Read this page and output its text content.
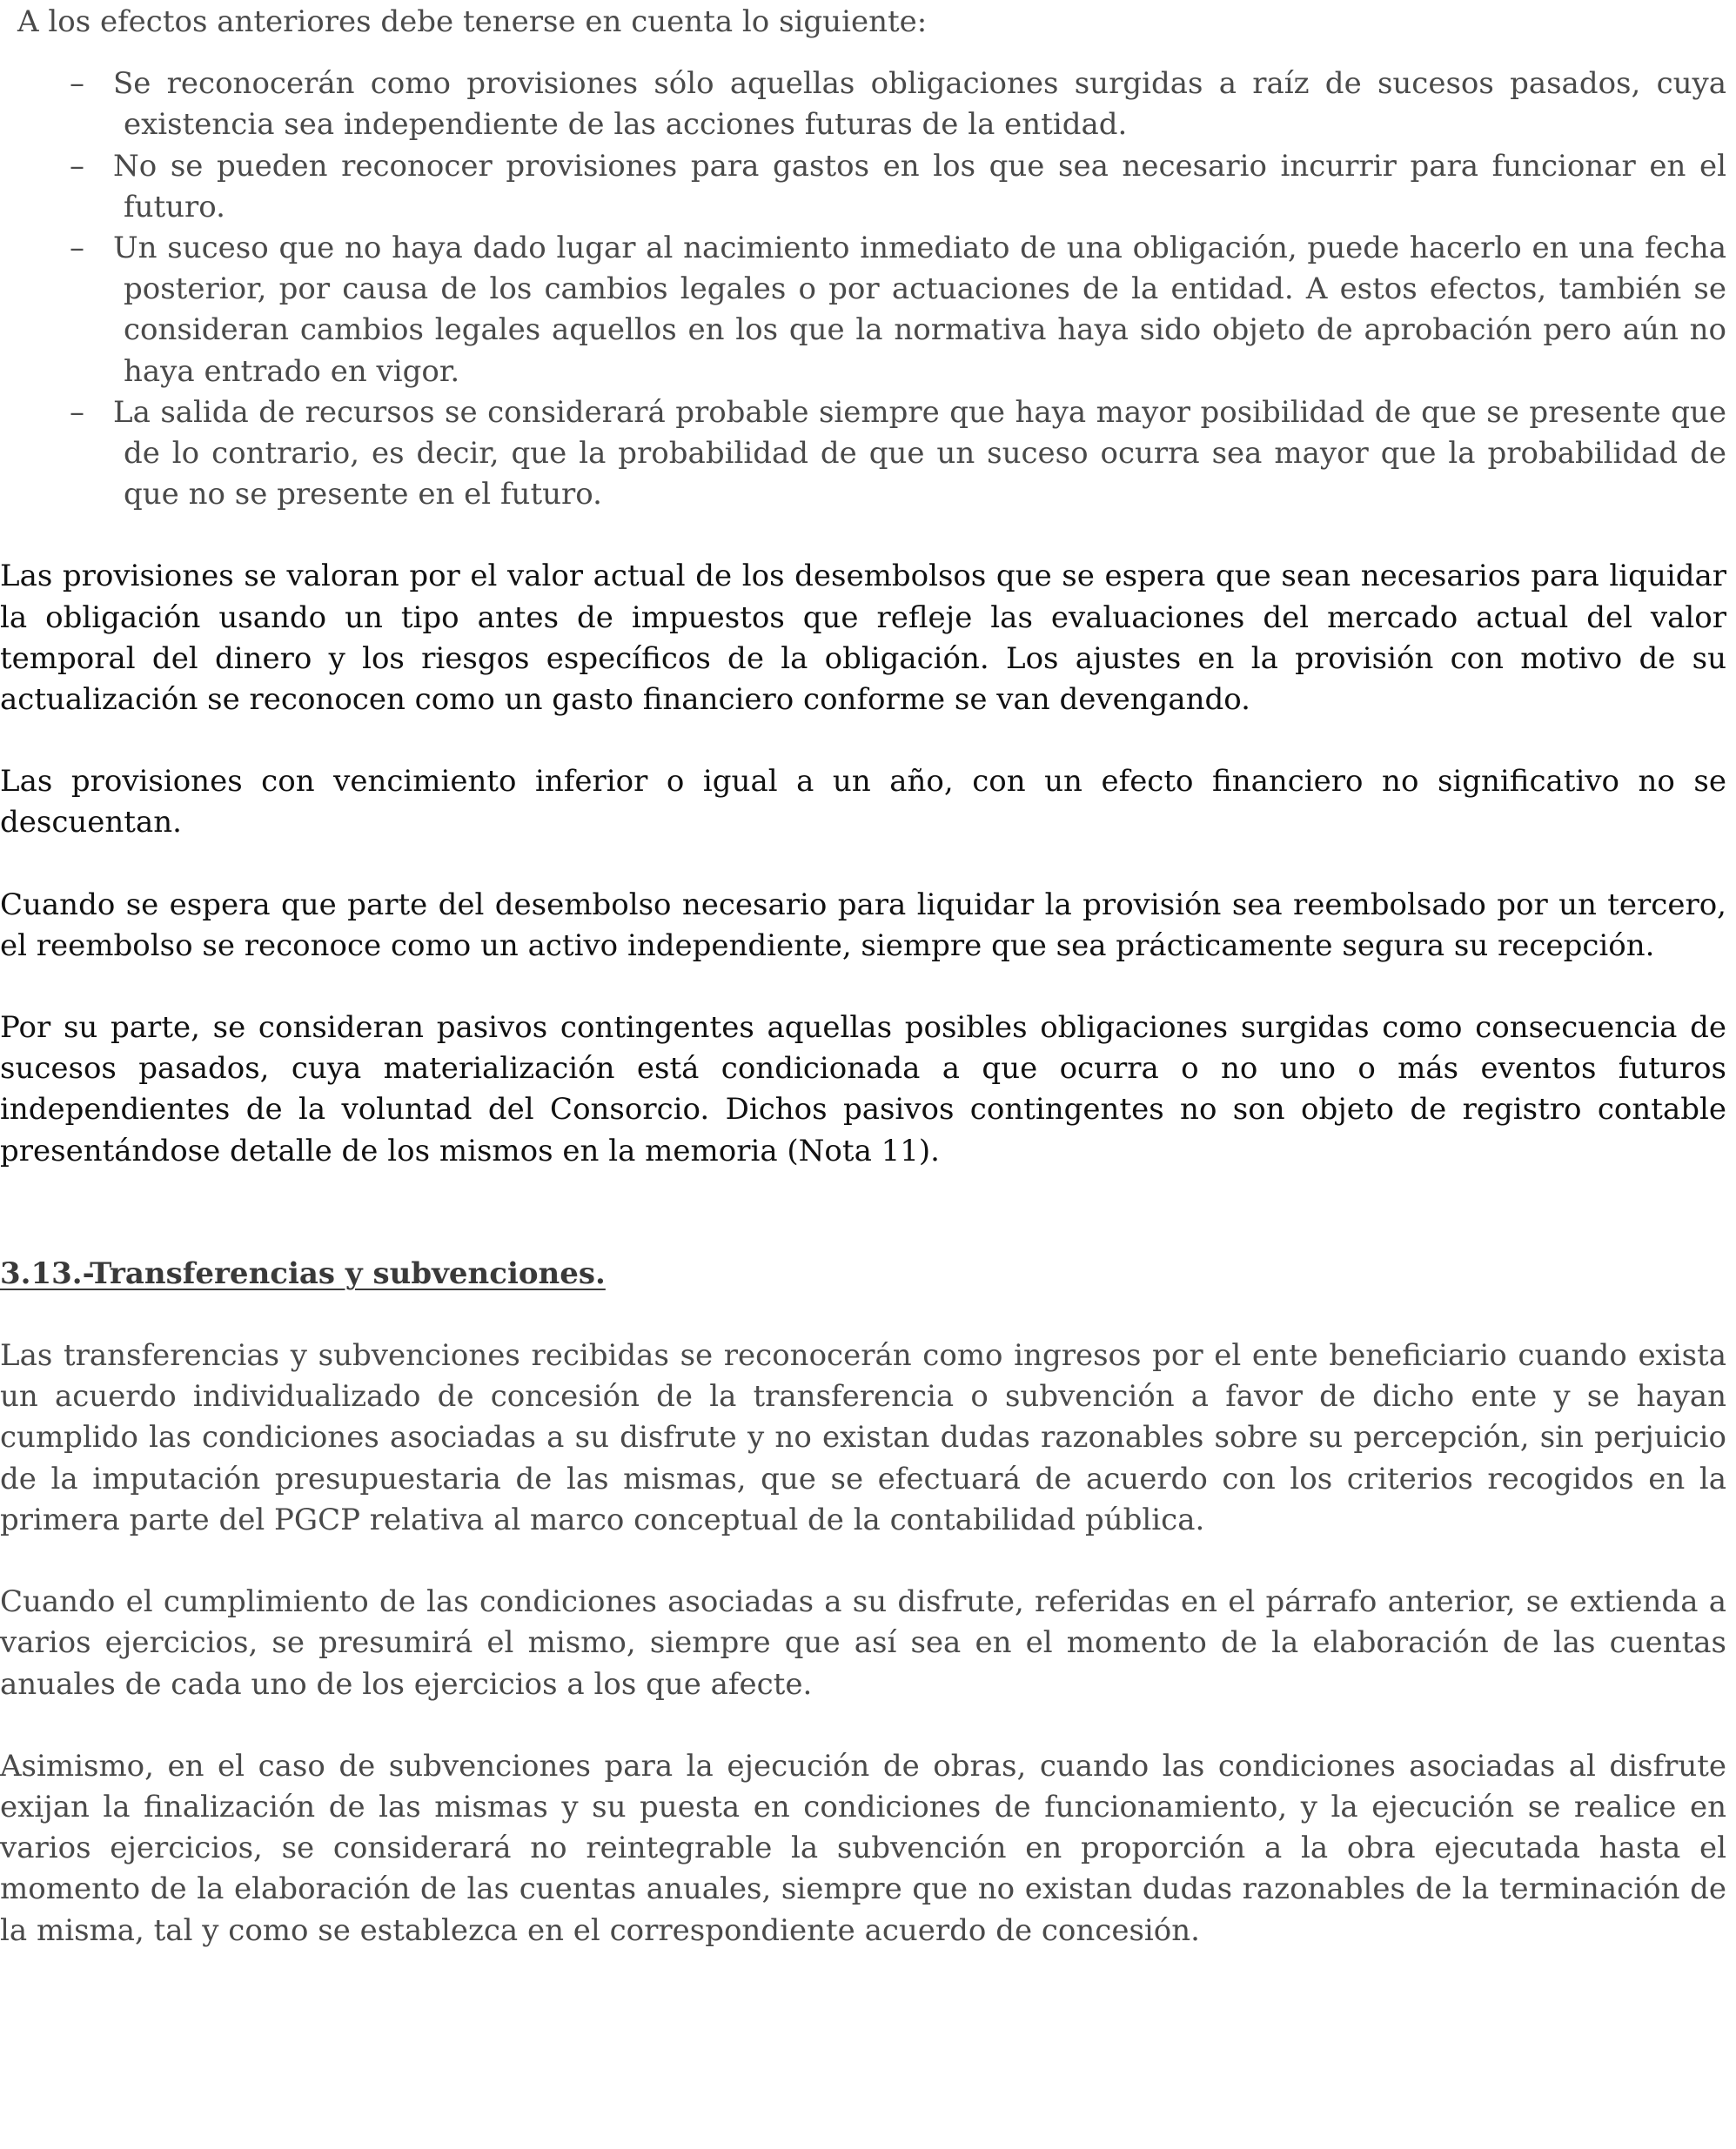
A los efectos anteriores debe tenerse en cuenta lo siguiente:

– Se reconocerán como provisiones sólo aquellas obligaciones surgidas a raíz de sucesos pasados, cuya existencia sea independiente de las acciones futuras de la entidad.
– No se pueden reconocer provisiones para gastos en los que sea necesario incurrir para funcionar en el futuro.
– Un suceso que no haya dado lugar al nacimiento inmediato de una obligación, puede hacerlo en una fecha posterior, por causa de los cambios legales o por actuaciones de la entidad. A estos efectos, también se consideran cambios legales aquellos en los que la normativa haya sido objeto de aprobación pero aún no haya entrado en vigor.
– La salida de recursos se considerará probable siempre que haya mayor posibilidad de que se presente que de lo contrario, es decir, que la probabilidad de que un suceso ocurra sea mayor que la probabilidad de que no se presente en el futuro.

Las provisiones se valoran por el valor actual de los desembolsos que se espera que sean necesarios para liquidar la obligación usando un tipo antes de impuestos que refleje las evaluaciones del mercado actual del valor temporal del dinero y los riesgos específicos de la obligación. Los ajustes en la provisión con motivo de su actualización se reconocen como un gasto financiero conforme se van devengando.

Las provisiones con vencimiento inferior o igual a un año, con un efecto financiero no significativo no se descuentan.

Cuando se espera que parte del desembolso necesario para liquidar la provisión sea reembolsado por un tercero, el reembolso se reconoce como un activo independiente, siempre que sea prácticamente segura su recepción.

Por su parte, se consideran pasivos contingentes aquellas posibles obligaciones surgidas como consecuencia de sucesos pasados, cuya materialización está condicionada a que ocurra o no uno o más eventos futuros independientes de la voluntad del Consorcio. Dichos pasivos contingentes no son objeto de registro contable presentándose detalle de los mismos en la memoria (Nota 11).

3.13.-Transferencias y subvenciones.

Las transferencias y subvenciones recibidas se reconocerán como ingresos por el ente beneficiario cuando exista un acuerdo individualizado de concesión de la transferencia o subvención a favor de dicho ente y se hayan cumplido las condiciones asociadas a su disfrute y no existan dudas razonables sobre su percepción, sin perjuicio de la imputación presupuestaria de las mismas, que se efectuará de acuerdo con los criterios recogidos en la primera parte del PGCP relativa al marco conceptual de la contabilidad pública.

Cuando el cumplimiento de las condiciones asociadas a su disfrute, referidas en el párrafo anterior, se extienda a varios ejercicios, se presumirá el mismo, siempre que así sea en el momento de la elaboración de las cuentas anuales de cada uno de los ejercicios a los que afecte.

Asimismo, en el caso de subvenciones para la ejecución de obras, cuando las condiciones asociadas al disfrute exijan la finalización de las mismas y su puesta en condiciones de funcionamiento, y la ejecución se realice en varios ejercicios, se considerará no reintegrable la subvención en proporción a la obra ejecutada hasta el momento de la elaboración de las cuentas anuales, siempre que no existan dudas razonables de la terminación de la misma, tal y como se establezca en el correspondiente acuerdo de concesión.
